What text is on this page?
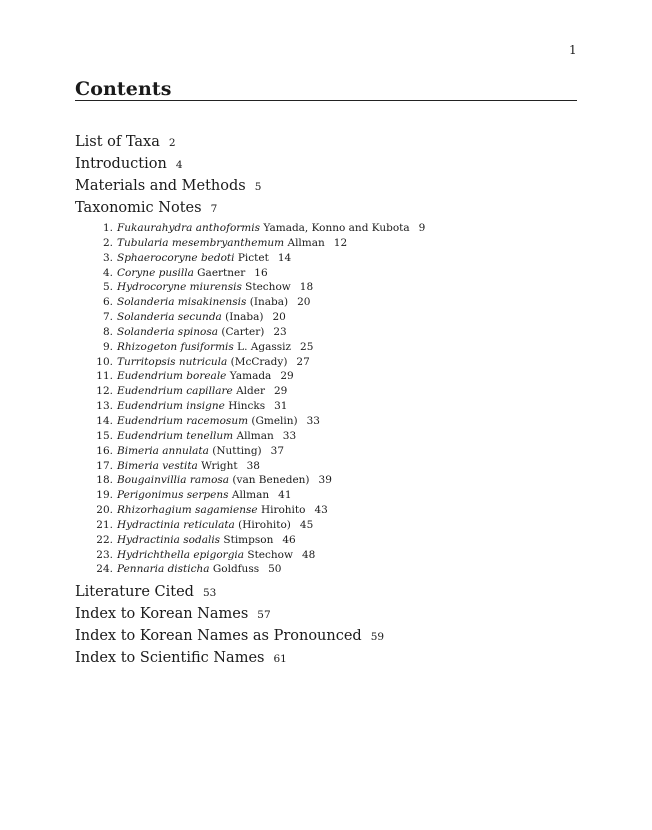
1
Contents
List of Taxa 2
Introduction 4
Materials and Methods 5
Taxonomic Notes 7
1. Fukaurahydra anthoformis Yamada, Konno and Kubota 9
2. Tubularia mesembryanthemum Allman 12
3. Sphaerocoryne bedoti Pictet 14
4. Coryne pusilla Gaertner 16
5. Hydrocoryne miurensis Stechow 18
6. Solanderia misakinensis (Inaba) 20
7. Solanderia secunda (Inaba) 20
8. Solanderia spinosa (Carter) 23
9. Rhizogeton fusiformis L. Agassiz 25
10. Turritopsis nutricula (McCrady) 27
11. Eudendrium boreale Yamada 29
12. Eudendrium capillare Alder 29
13. Eudendrium insigne Hincks 31
14. Eudendrium racemosum (Gmelin) 33
15. Eudendrium tenellum Allman 33
16. Bimeria annulata (Nutting) 37
17. Bimeria vestita Wright 38
18. Bougainvillia ramosa (van Beneden) 39
19. Perigonimus serpens Allman 41
20. Rhizorhagium sagamiense Hirohito 43
21. Hydractinia reticulata (Hirohito) 45
22. Hydractinia sodalis Stimpson 46
23. Hydrichthella epigorgia Stechow 48
24. Pennaria disticha Goldfuss 50
Literature Cited 53
Index to Korean Names 57
Index to Korean Names as Pronounced 59
Index to Scientific Names 61
